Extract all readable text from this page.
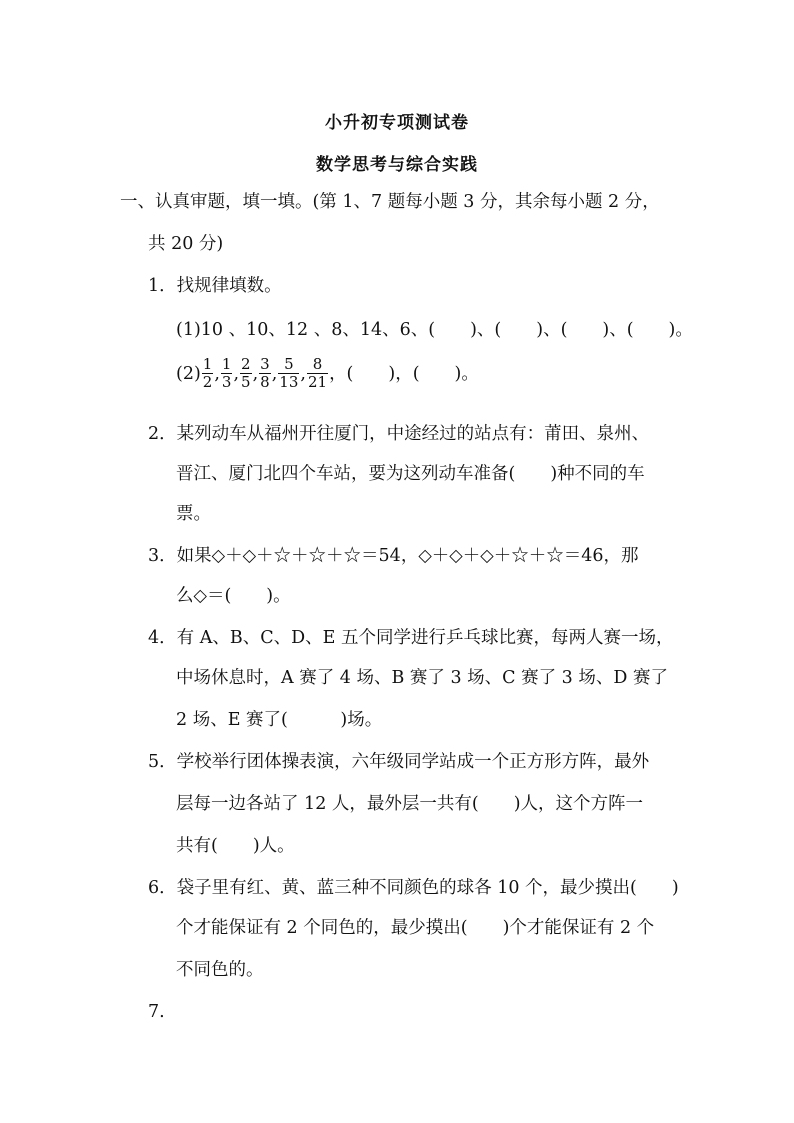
小升初专项测试卷
数学思考与综合实践
一、认真审题，填一填。(第 1、7 题每小题 3 分，其余每小题 2 分，
共 20 分)
1．找规律填数。
(1)10 、10、12 、8、14、6、(　　)、(　　)、(　　)、(　　)。
$(2) \frac{1}{2}$ , $\frac{1}{3}$ , $\frac{2}{5}$ , $\frac{3}{8}$ , $\frac{5}{13}$ , $\frac{8}{21}$ ，(　　)，(　　)。
2．某列动车从福州开往厦门，中途经过的站点有：莆田、泉州、
晋江、厦门北四个车站，要为这列动车准备(　　)种不同的车
票。
3．如果◇＋◇＋☆＋☆＋☆＝54，◇＋◇＋◇＋☆＋☆＝46，那
么◇＝(　　)。
4．有 A、B、C、D、E 五个同学进行乒乓球比赛，每两人赛一场，
中场休息时，A 赛了 4 场、B 赛了 3 场、C 赛了 3 场、D 赛了
2 场、E 赛了(　　　)场。
5．学校举行团体操表演，六年级同学站成一个正方形方阵，最外
层每一边各站了 12 人，最外层一共有(　　)人，这个方阵一
共有(　　)人。
6．袋子里有红、黄、蓝三种不同颜色的球各 10 个，最少摸出(　　)
个才能保证有 2 个同色的，最少摸出(　　)个才能保证有 2 个
不同色的。
7.
